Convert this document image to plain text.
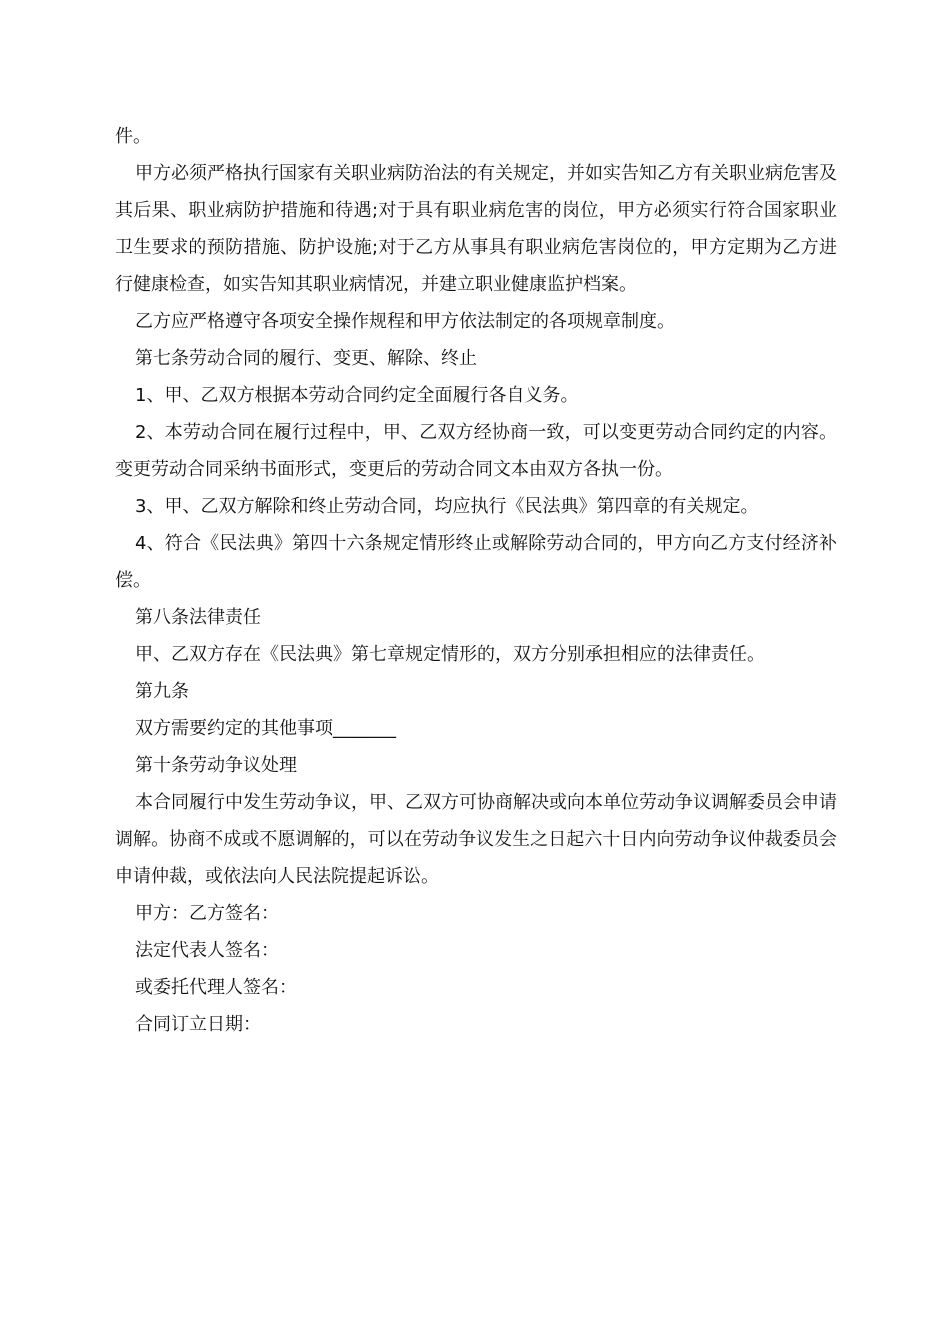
件。

甲方必须严格执行国家有关职业病防治法的有关规定，并如实告知乙方有关职业病危害及其后果、职业病防护措施和待遇;对于具有职业病危害的岗位，甲方必须实行符合国家职业卫生要求的预防措施、防护设施;对于乙方从事具有职业病危害岗位的，甲方定期为乙方进行健康检查，如实告知其职业病情况，并建立职业健康监护档案。

乙方应严格遵守各项安全操作规程和甲方依法制定的各项规章制度。

第七条劳动合同的履行、变更、解除、终止

1、甲、乙双方根据本劳动合同约定全面履行各自义务。

2、本劳动合同在履行过程中，甲、乙双方经协商一致，可以变更劳动合同约定的内容。变更劳动合同采纳书面形式，变更后的劳动合同文本由双方各执一份。

3、甲、乙双方解除和终止劳动合同，均应执行《民法典》第四章的有关规定。

4、符合《民法典》第四十六条规定情形终止或解除劳动合同的，甲方向乙方支付经济补偿。

第八条法律责任

甲、乙双方存在《民法典》第七章规定情形的，双方分别承担相应的法律责任。

第九条

双方需要约定的其他事项_______

第十条劳动争议处理

本合同履行中发生劳动争议，甲、乙双方可协商解决或向本单位劳动争议调解委员会申请调解。协商不成或不愿调解的，可以在劳动争议发生之日起六十日内向劳动争议仲裁委员会申请仲裁，或依法向人民法院提起诉讼。

甲方：乙方签名：

法定代表人签名：

或委托代理人签名：

合同订立日期：
